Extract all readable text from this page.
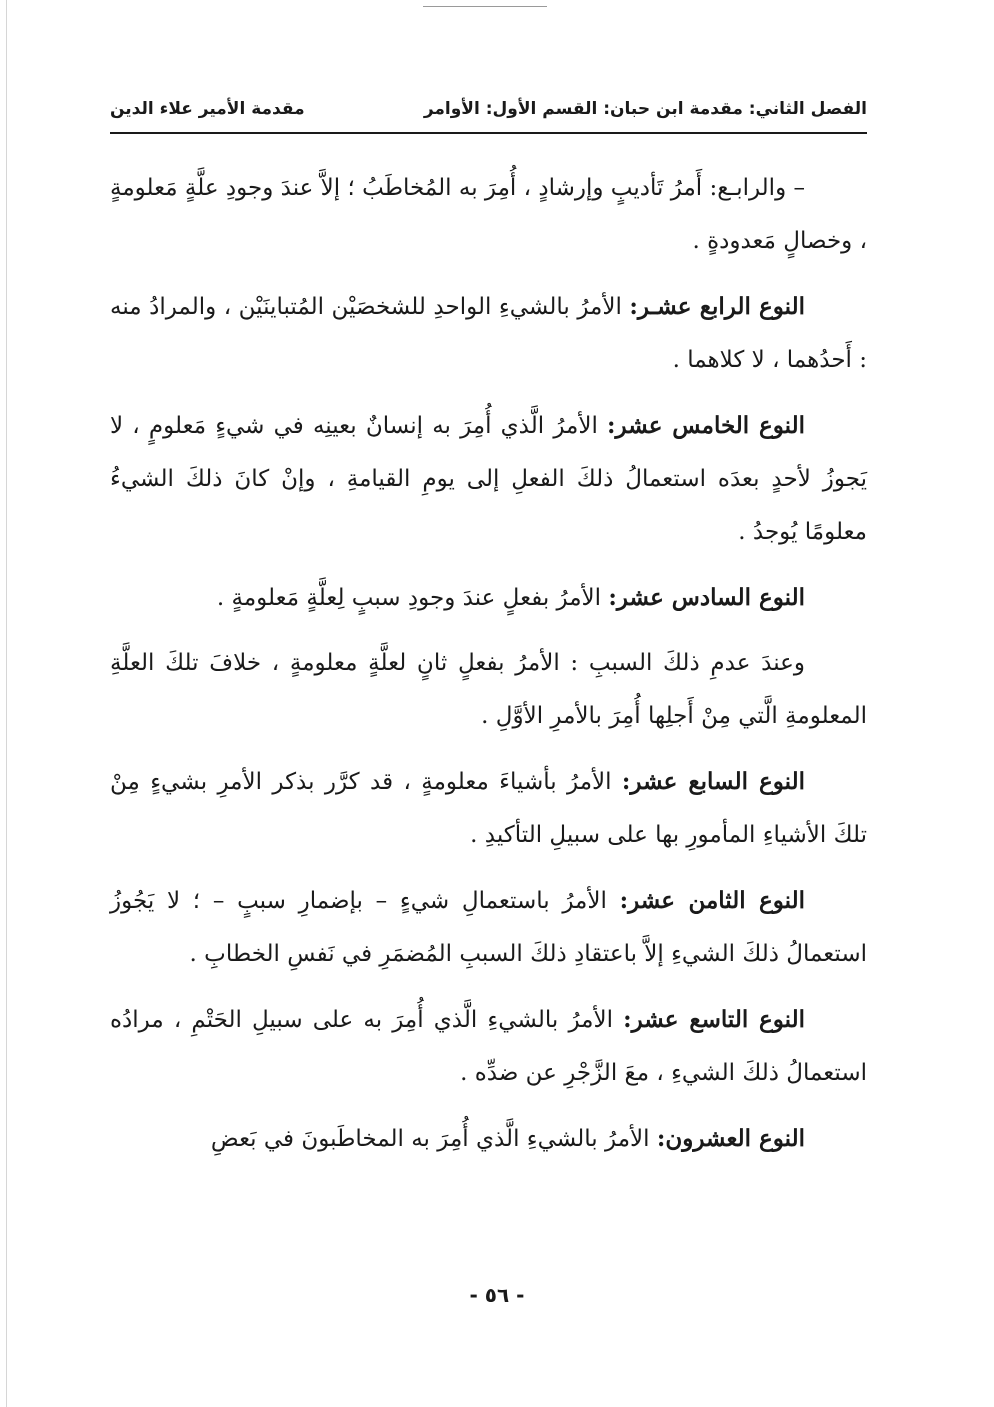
الفصل الثاني: مقدمة ابن حبان: القسم الأول: الأوامر
مقدمة الأمير علاء الدين

– والرابـع: أَمرُ تَأديبٍ وإرشادٍ ، أُمِرَ به المُخاطَبُ ؛ إلاَّ عندَ وجودِ علَّةٍ مَعلومةٍ ، وخصالٍ مَعدودةٍ .

النوع الرابع عشـر: الأمرُ بالشيءِ الواحدِ للشخصَيْن المُتباينَيْن ، والمرادُ منه : أَحدُهما ، لا كلاهما .

النوع الخامس عشر: الأمرُ الَّذي أُمِرَ به إنسانٌ بعينِه في شيءٍ مَعلومٍ ، لا يَجوزُ لأحدٍ بعدَه استعمالُ ذلكَ الفعلِ إلى يومِ القيامةِ ، وإنْ كانَ ذلكَ الشيءُ معلومًا يُوجدُ .

النوع السادس عشر: الأمرُ بفعلٍ عندَ وجودِ سببٍ لِعلَّةٍ مَعلومةٍ .

وعندَ عدمِ ذلكَ السببِ : الأمرُ بفعلٍ ثانٍ لعلَّةٍ معلومةٍ ، خلافَ تلكَ العلَّةِ المعلومةِ الَّتي مِنْ أَجلِها أُمِرَ بالأمرِ الأوَّلِ .

النوع السابع عشر: الأمرُ بأشياءَ معلومةٍ ، قد كرَّر بذكر الأمرِ بشيءٍ مِنْ تلكَ الأشياءِ المأمورِ بها على سبيلِ التأكيدِ .

النوع الثامن عشر: الأمرُ باستعمالِ شيءٍ – بإضمارِ سببٍ – ؛ لا يَجُوزُ استعمالُ ذلكَ الشيءِ إلاَّ باعتقادِ ذلكَ السببِ المُضمَرِ في نَفسِ الخطابِ .

النوع التاسع عشر: الأمرُ بالشيءِ الَّذي أُمِرَ به على سبيلِ الحَتْمِ ، مرادُه استعمالُ ذلكَ الشيءِ ، معَ الزَّجْرِ عن ضدِّه .

النوع العشرون: الأمرُ بالشيءِ الَّذي أُمِرَ به المخاطَبونَ في بَعضِ

- ٥٦ -
